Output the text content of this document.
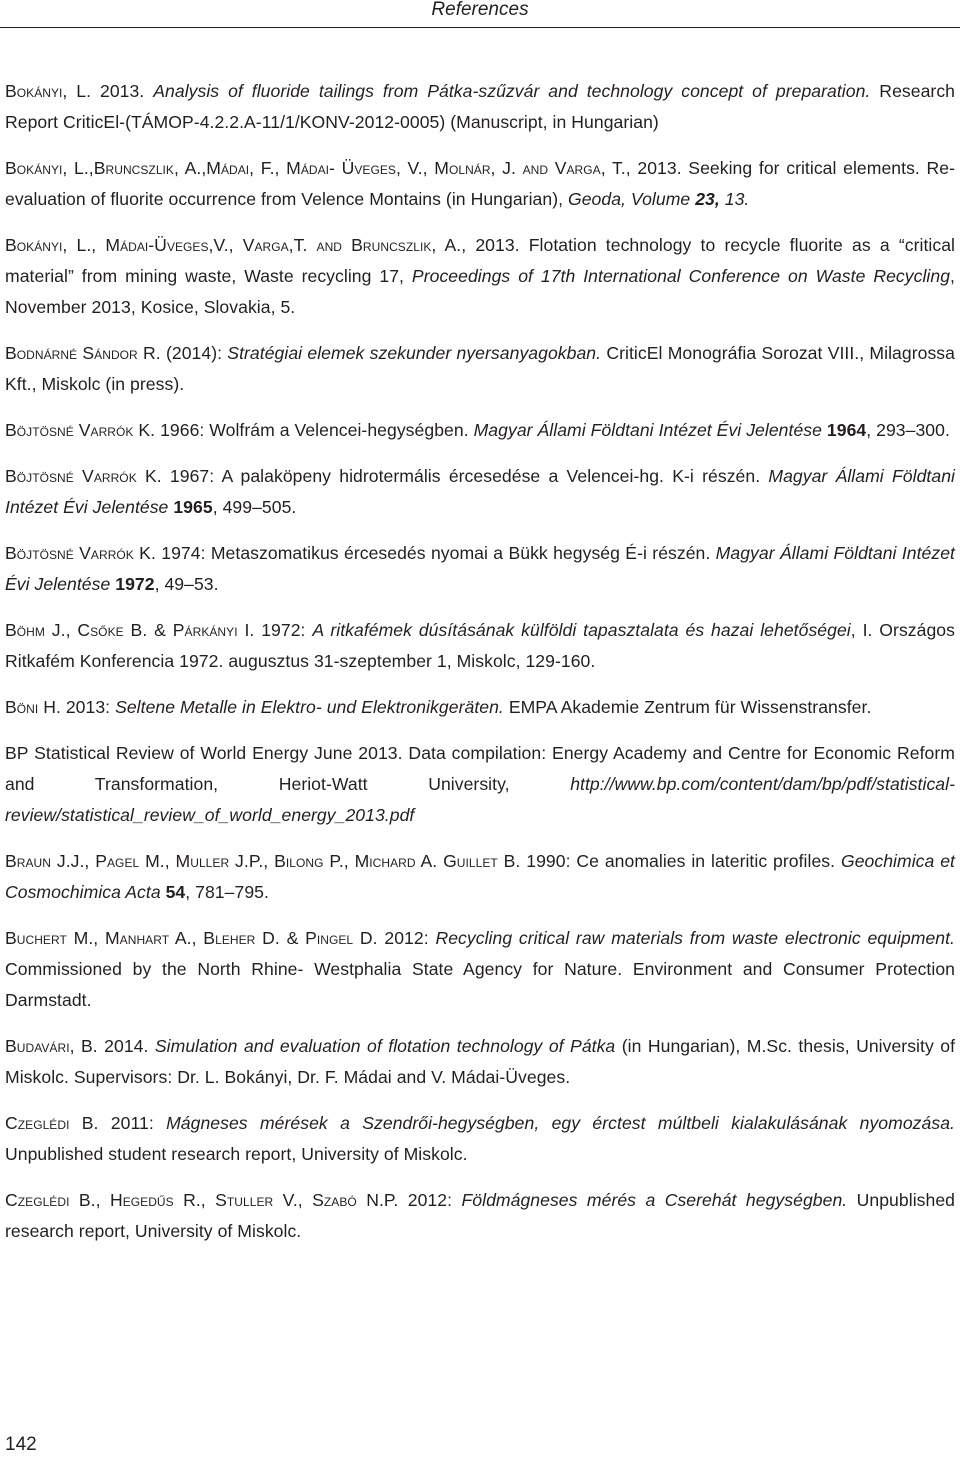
References

Bokányi, L. 2013. Analysis of fluoride tailings from Pátka-szűzvár and technology concept of preparation. Research Report CriticEl-(TÁMOP-4.2.2.A-11/1/KONV-2012-0005) (Manuscript, in Hungarian)

Bokányi, L.,Bruncszlik, A.,Mádai, F., Mádai- Üveges, V., Molnár, J. and Varga, T., 2013. Seeking for critical elements. Re-evaluation of fluorite occurrence from Velence Montains (in Hungarian), Geoda, Volume 23, 13.

Bokányi, L., Mádai-Üveges,V., Varga,T. and Bruncszlik, A., 2013. Flotation technology to recycle fluorite as a “critical material” from mining waste, Waste recycling 17, Proceedings of 17th International Conference on Waste Recycling, November 2013, Kosice, Slovakia, 5.

Bodnárné Sándor R. (2014): Stratégiai elemek szekunder nyersanyagokban. CriticEl Monográfia Sorozat VIII., Milagrossa Kft., Miskolc (in press).

Böjtösné Varrók K. 1966: Wolfrám a Velencei-hegységben. Magyar Állami Földtani Intézet Évi Jelentése 1964, 293–300.

Böjtösné Varrók K. 1967: A palaköpeny hidrotermális ércesedése a Velencei-hg. K-i részén. Magyar Állami Földtani Intézet Évi Jelentése 1965, 499–505.

Böjtösné Varrók K. 1974: Metaszomatikus ércesedés nyomai a Bükk hegység É-i részén. Magyar Állami Földtani Intézet Évi Jelentése 1972, 49–53.

Böhm J., Csőke B. & Párkányi I. 1972: A ritkafémek dúsításának külföldi tapasztalata és hazai lehetőségei, I. Országos Ritkafém Konferencia 1972. augusztus 31-szeptember 1, Miskolc, 129-160.

Böni H. 2013: Seltene Metalle in Elektro- und Elektronikgeräten. EMPA Akademie Zentrum für Wissenstransfer.

BP Statistical Review of World Energy June 2013. Data compilation: Energy Academy and Centre for Economic Reform and Transformation, Heriot-Watt University, http://www.bp.com/content/dam/bp/pdf/statistical-review/statistical_review_of_world_energy_2013.pdf

Braun J.J., Pagel M., Muller J.P., Bilong P., Michard A. Guillet B. 1990: Ce anomalies in lateritic profiles. Geochimica et Cosmochimica Acta 54, 781–795.

Buchert M., Manhart A., Bleher D. & Pingel D. 2012: Recycling critical raw materials from waste electronic equipment. Commissioned by the North Rhine- Westphalia State Agency for Nature. Environment and Consumer Protection Darmstadt.

Budavári, B. 2014. Simulation and evaluation of flotation technology of Pátka (in Hungarian), M.Sc. thesis, University of Miskolc. Supervisors: Dr. L. Bokányi, Dr. F. Mádai and V. Mádai-Üveges.

Czeglédi B. 2011: Mágneses mérések a Szendrői-hegységben, egy érctest múltbeli kialakulásának nyomozása. Unpublished student research report, University of Miskolc.

Czeglédi B., Hegedűs R., Stuller V., Szabó N.P. 2012: Földmágneses mérés a Cserehát hegységben. Unpublished research report, University of Miskolc.

142
